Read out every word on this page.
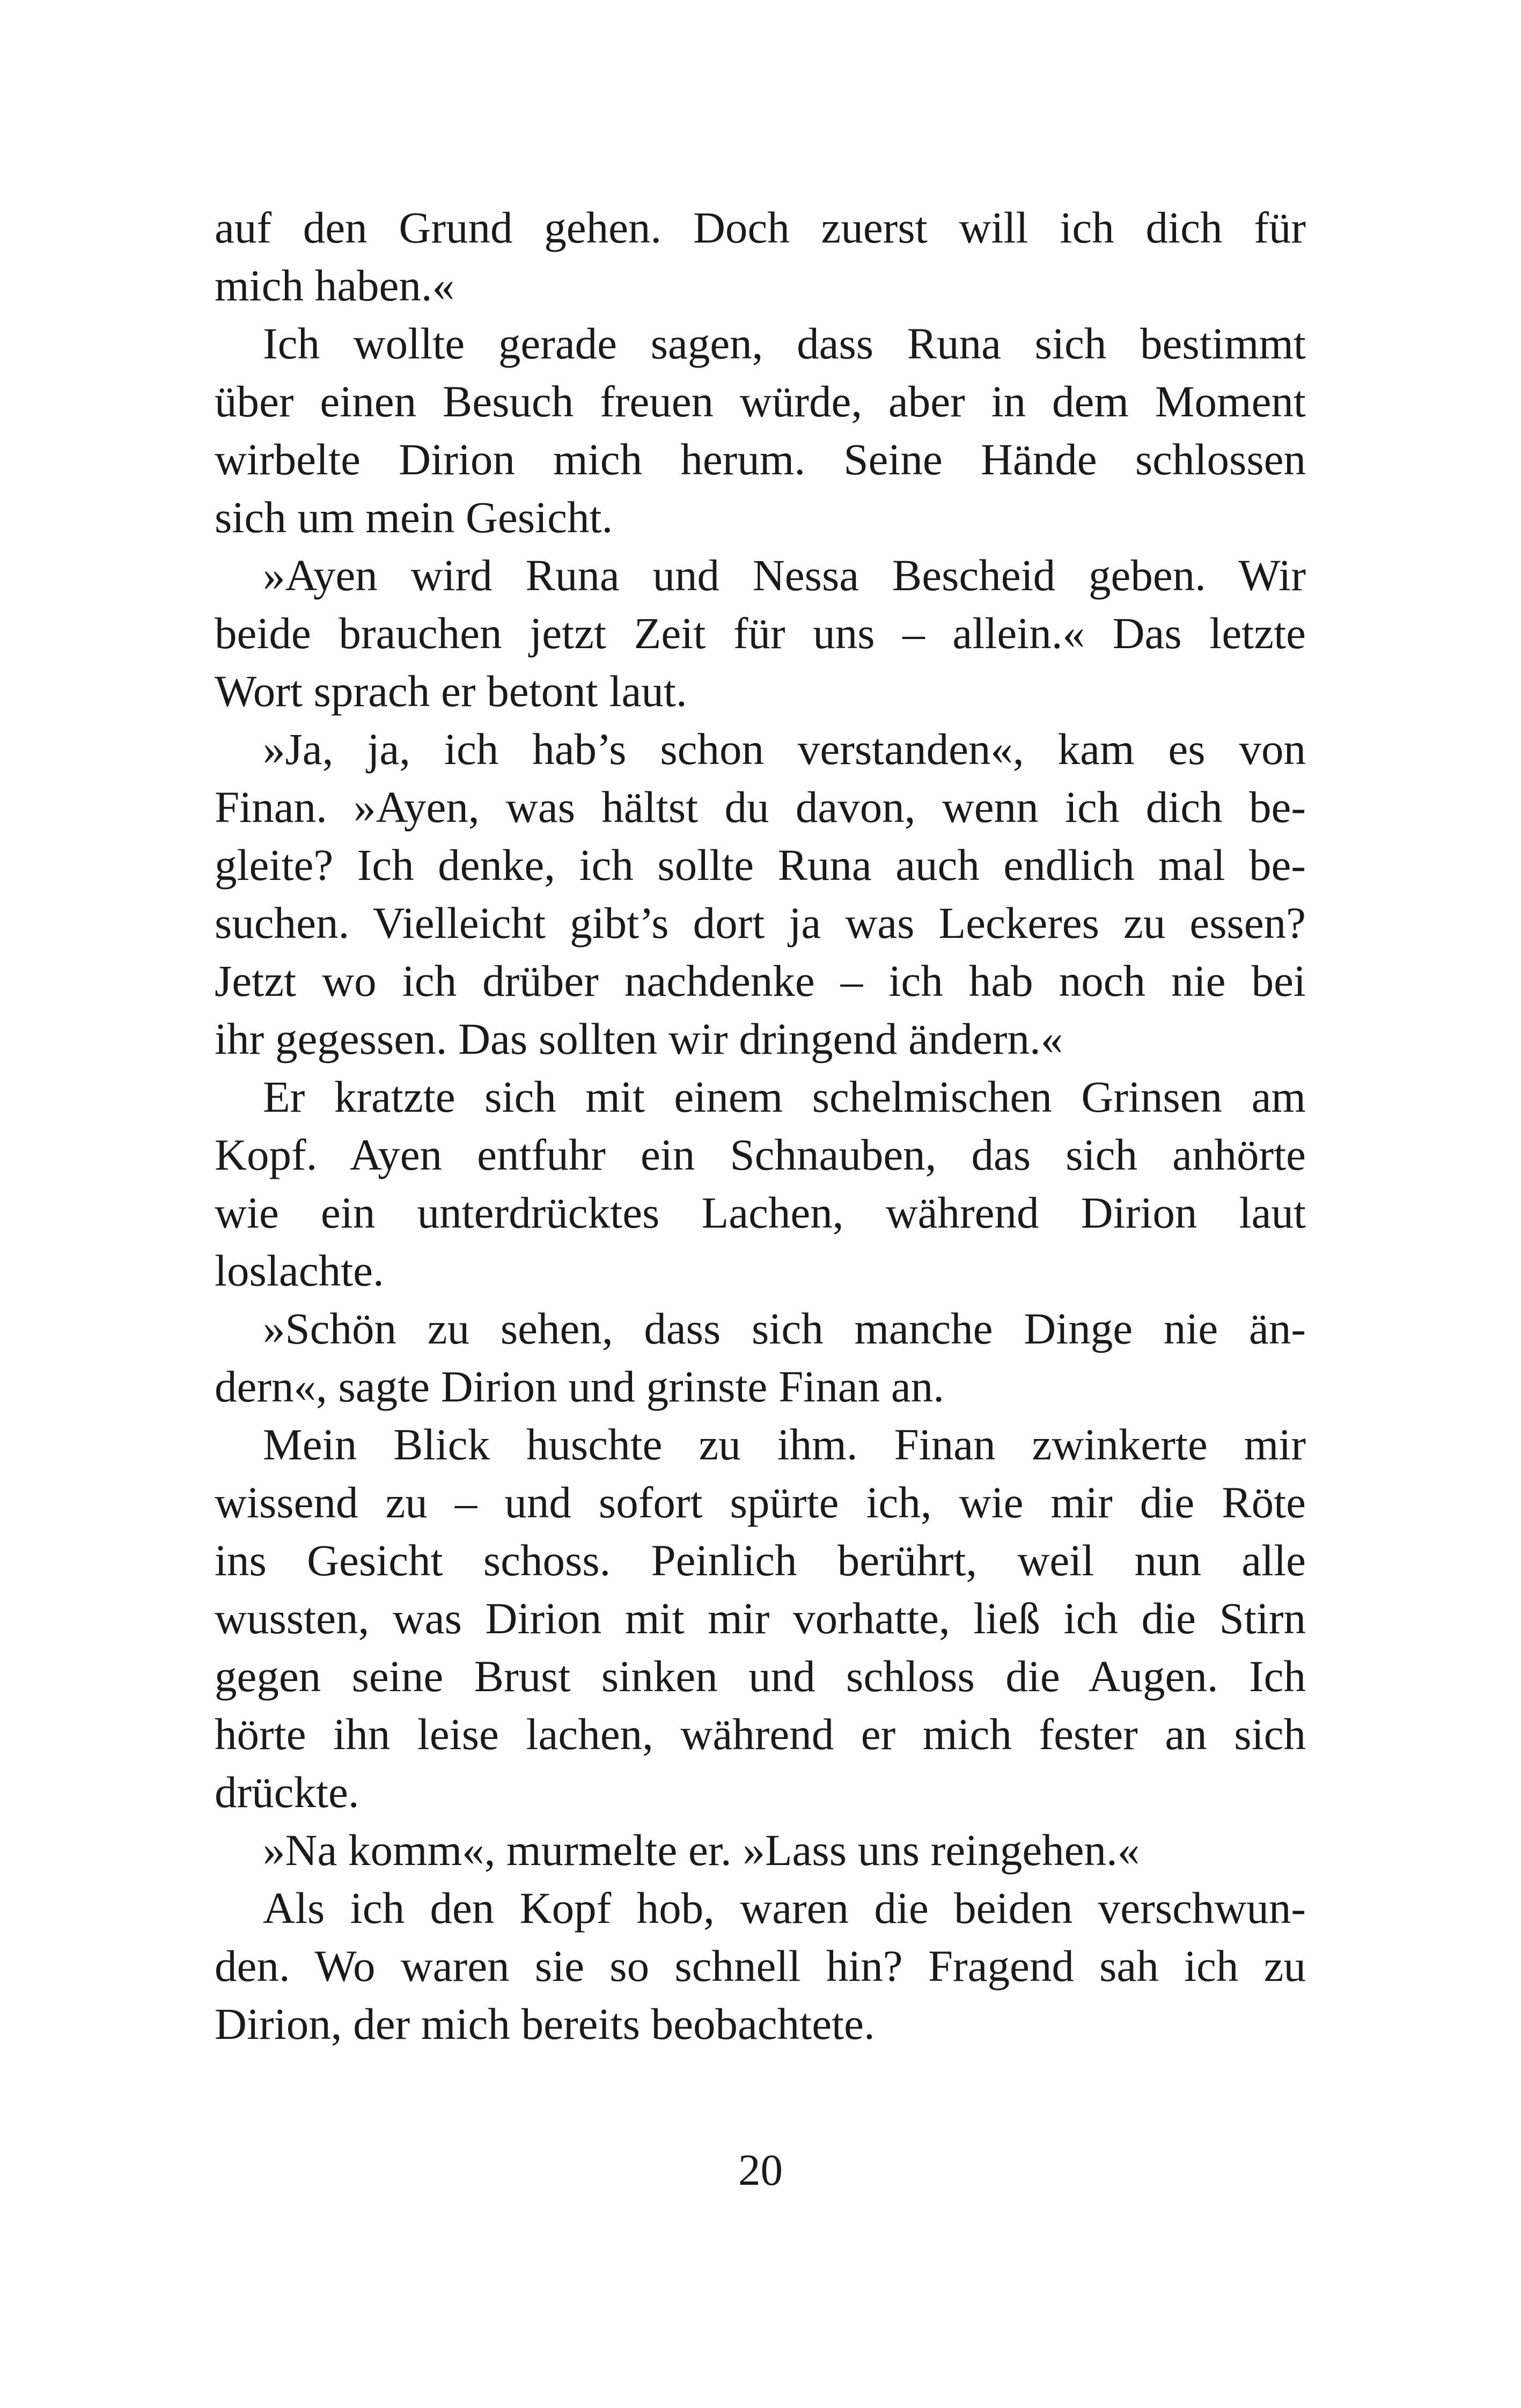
auf den Grund gehen. Doch zuerst will ich dich für
mich haben.«
Ich wollte gerade sagen, dass Runa sich bestimmt
über einen Besuch freuen würde, aber in dem Moment
wirbelte Dirion mich herum. Seine Hände schlossen
sich um mein Gesicht.
»Ayen wird Runa und Nessa Bescheid geben. Wir
beide brauchen jetzt Zeit für uns – allein.« Das letzte
Wort sprach er betont laut.
»Ja, ja, ich hab’s schon verstanden«, kam es von
Finan. »Ayen, was hältst du davon, wenn ich dich be-
gleite? Ich denke, ich sollte Runa auch endlich mal be-
suchen. Vielleicht gibt’s dort ja was Leckeres zu essen?
Jetzt wo ich drüber nachdenke – ich hab noch nie bei
ihr gegessen. Das sollten wir dringend ändern.«
Er kratzte sich mit einem schelmischen Grinsen am
Kopf. Ayen entfuhr ein Schnauben, das sich anhörte
wie ein unterdrücktes Lachen, während Dirion laut
loslachte.
»Schön zu sehen, dass sich manche Dinge nie än-
dern«, sagte Dirion und grinste Finan an.
Mein Blick huschte zu ihm. Finan zwinkerte mir
wissend zu – und sofort spürte ich, wie mir die Röte
ins Gesicht schoss. Peinlich berührt, weil nun alle
wussten, was Dirion mit mir vorhatte, ließ ich die Stirn
gegen seine Brust sinken und schloss die Augen. Ich
hörte ihn leise lachen, während er mich fester an sich
drückte.
»Na komm«, murmelte er. »Lass uns reingehen.«
Als ich den Kopf hob, waren die beiden verschwun-
den. Wo waren sie so schnell hin? Fragend sah ich zu
Dirion, der mich bereits beobachtete.
20
